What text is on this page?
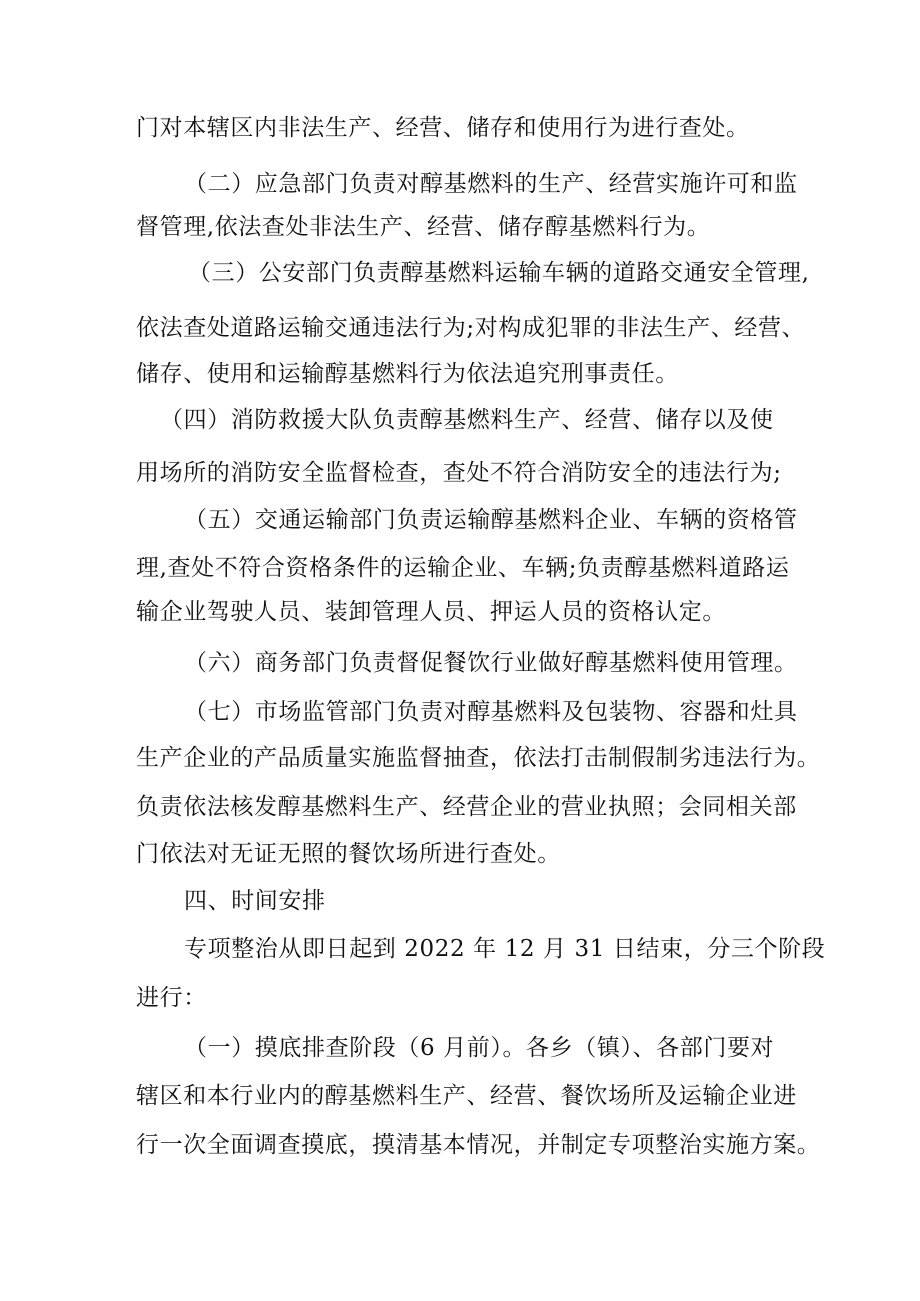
门对本辖区内非法生产、经营、储存和使用行为进行查处。
（二）应急部门负责对醇基燃料的生产、经营实施许可和监
督管理,依法查处非法生产、经营、储存醇基燃料行为。
（三）公安部门负责醇基燃料运输车辆的道路交通安全管理,
依法查处道路运输交通违法行为;对构成犯罪的非法生产、经营、
储存、使用和运输醇基燃料行为依法追究刑事责任。
（四）消防救援大队负责醇基燃料生产、经营、储存以及使
用场所的消防安全监督检查，查处不符合消防安全的违法行为;
（五）交通运输部门负责运输醇基燃料企业、车辆的资格管
理,查处不符合资格条件的运输企业、车辆;负责醇基燃料道路运
输企业驾驶人员、装卸管理人员、押运人员的资格认定。
（六）商务部门负责督促餐饮行业做好醇基燃料使用管理。
（七）市场监管部门负责对醇基燃料及包装物、容器和灶具
生产企业的产品质量实施监督抽查，依法打击制假制劣违法行为。
负责依法核发醇基燃料生产、经营企业的营业执照；会同相关部
门依法对无证无照的餐饮场所进行查处。
四、时间安排
专项整治从即日起到 2022 年 12 月 31 日结束，分三个阶段
进行：
（一）摸底排查阶段（6 月前）。各乡（镇）、各部门要对
辖区和本行业内的醇基燃料生产、经营、餐饮场所及运输企业进
行一次全面调查摸底，摸清基本情况，并制定专项整治实施方案。
